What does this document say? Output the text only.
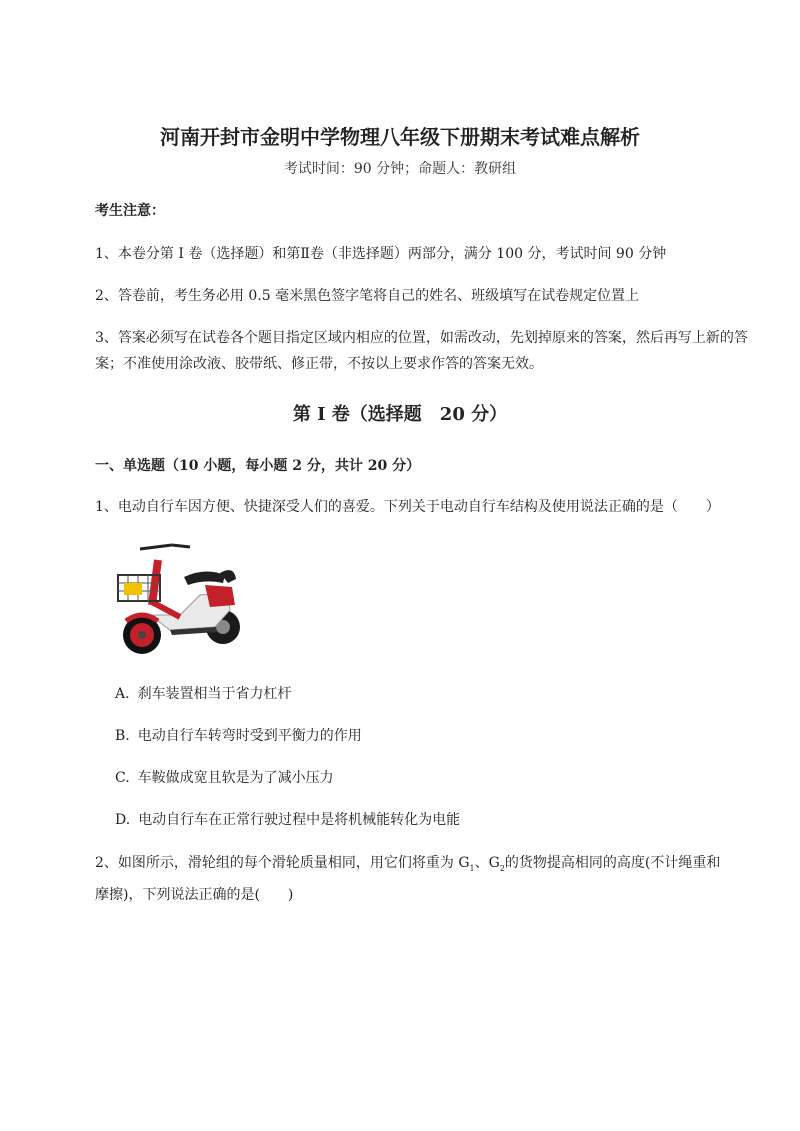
河南开封市金明中学物理八年级下册期末考试难点解析
考试时间：90 分钟；命题人：教研组
考生注意：
1、本卷分第 I 卷（选择题）和第Ⅱ卷（非选择题）两部分，满分 100 分，考试时间 90 分钟
2、答卷前，考生务必用 0.5 毫米黑色签字笔将自己的姓名、班级填写在试卷规定位置上
3、答案必须写在试卷各个题目指定区域内相应的位置，如需改动，先划掉原来的答案，然后再写上新的答案；不准使用涂改液、胶带纸、修正带，不按以上要求作答的答案无效。
第 I 卷（选择题　20 分）
一、单选题（10 小题，每小题 2 分，共计 20 分）
1、电动自行车因方便、快捷深受人们的喜爱。下列关于电动自行车结构及使用说法正确的是（　　）
A. 刹车装置相当于省力杠杆
B. 电动自行车转弯时受到平衡力的作用
C. 车鞍做成宽且软是为了减小压力
D. 电动自行车在正常行驶过程中是将机械能转化为电能
2、如图所示，滑轮组的每个滑轮质量相同，用它们将重为 $G_1$、$G_2$的货物提高相同的高度(不计绳重和
摩擦)，下列说法正确的是(　　)
